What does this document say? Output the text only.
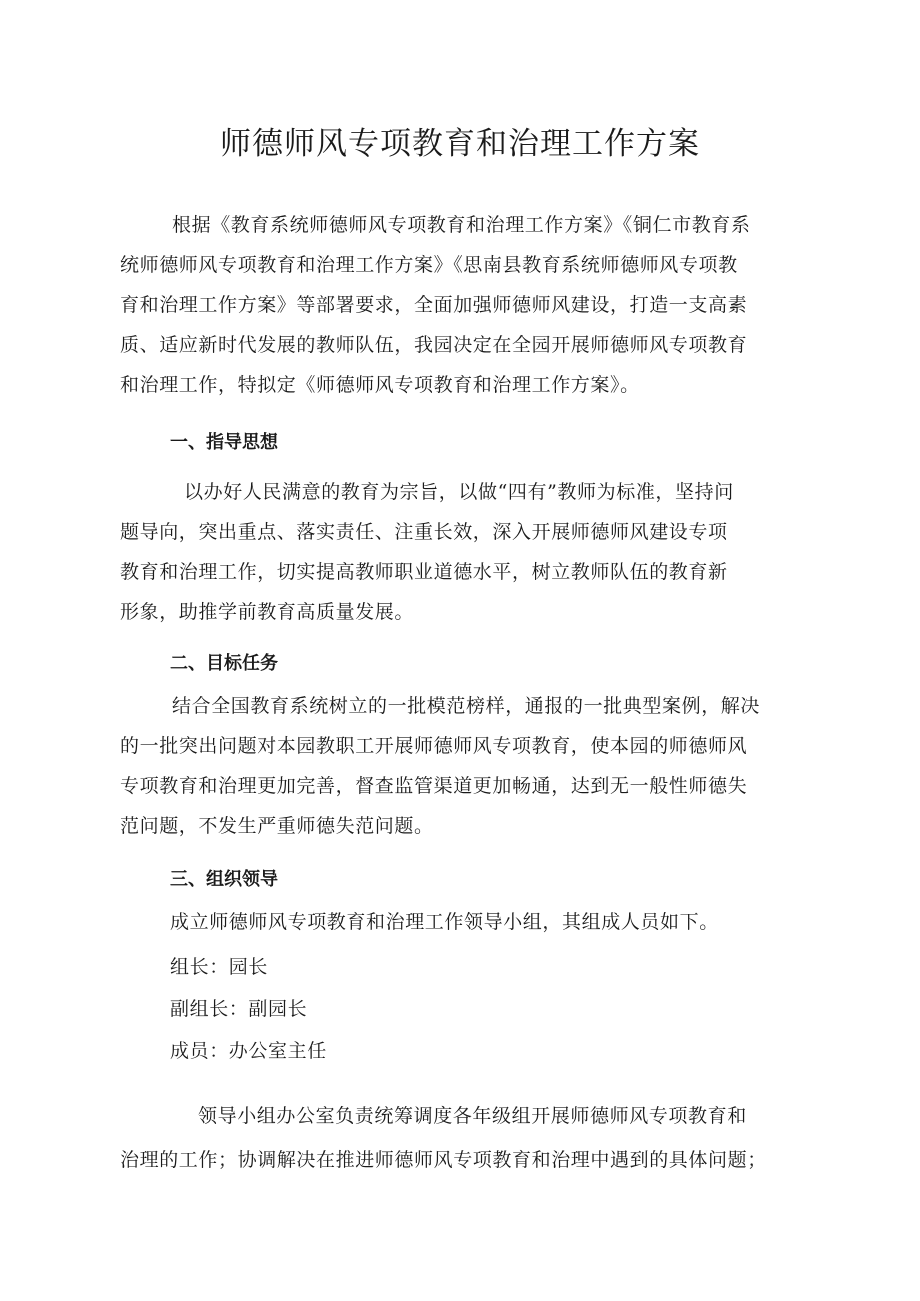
师德师风专项教育和治理工作方案
根据《教育系统师德师风专项教育和治理工作方案》《铜仁市教育系
统师德师风专项教育和治理工作方案》《思南县教育系统师德师风专项教
育和治理工作方案》等部署要求，全面加强师德师风建设，打造一支高素
质、适应新时代发展的教师队伍，我园决定在全园开展师德师风专项教育
和治理工作，特拟定《师德师风专项教育和治理工作方案》。
一、指导思想
以办好人民满意的教育为宗旨，以做“四有”教师为标准，坚持问
题导向，突出重点、落实责任、注重长效，深入开展师德师风建设专项
教育和治理工作，切实提高教师职业道德水平，树立教师队伍的教育新
形象，助推学前教育高质量发展。
二、目标任务
结合全国教育系统树立的一批模范榜样，通报的一批典型案例，解决
的一批突出问题对本园教职工开展师德师风专项教育，使本园的师德师风
专项教育和治理更加完善，督查监管渠道更加畅通，达到无一般性师德失
范问题，不发生严重师德失范问题。
三、组织领导
成立师德师风专项教育和治理工作领导小组，其组成人员如下。
组长：园长
副组长：副园长
成员：办公室主任
领导小组办公室负责统筹调度各年级组开展师德师风专项教育和
治理的工作；协调解决在推进师德师风专项教育和治理中遇到的具体问题；
